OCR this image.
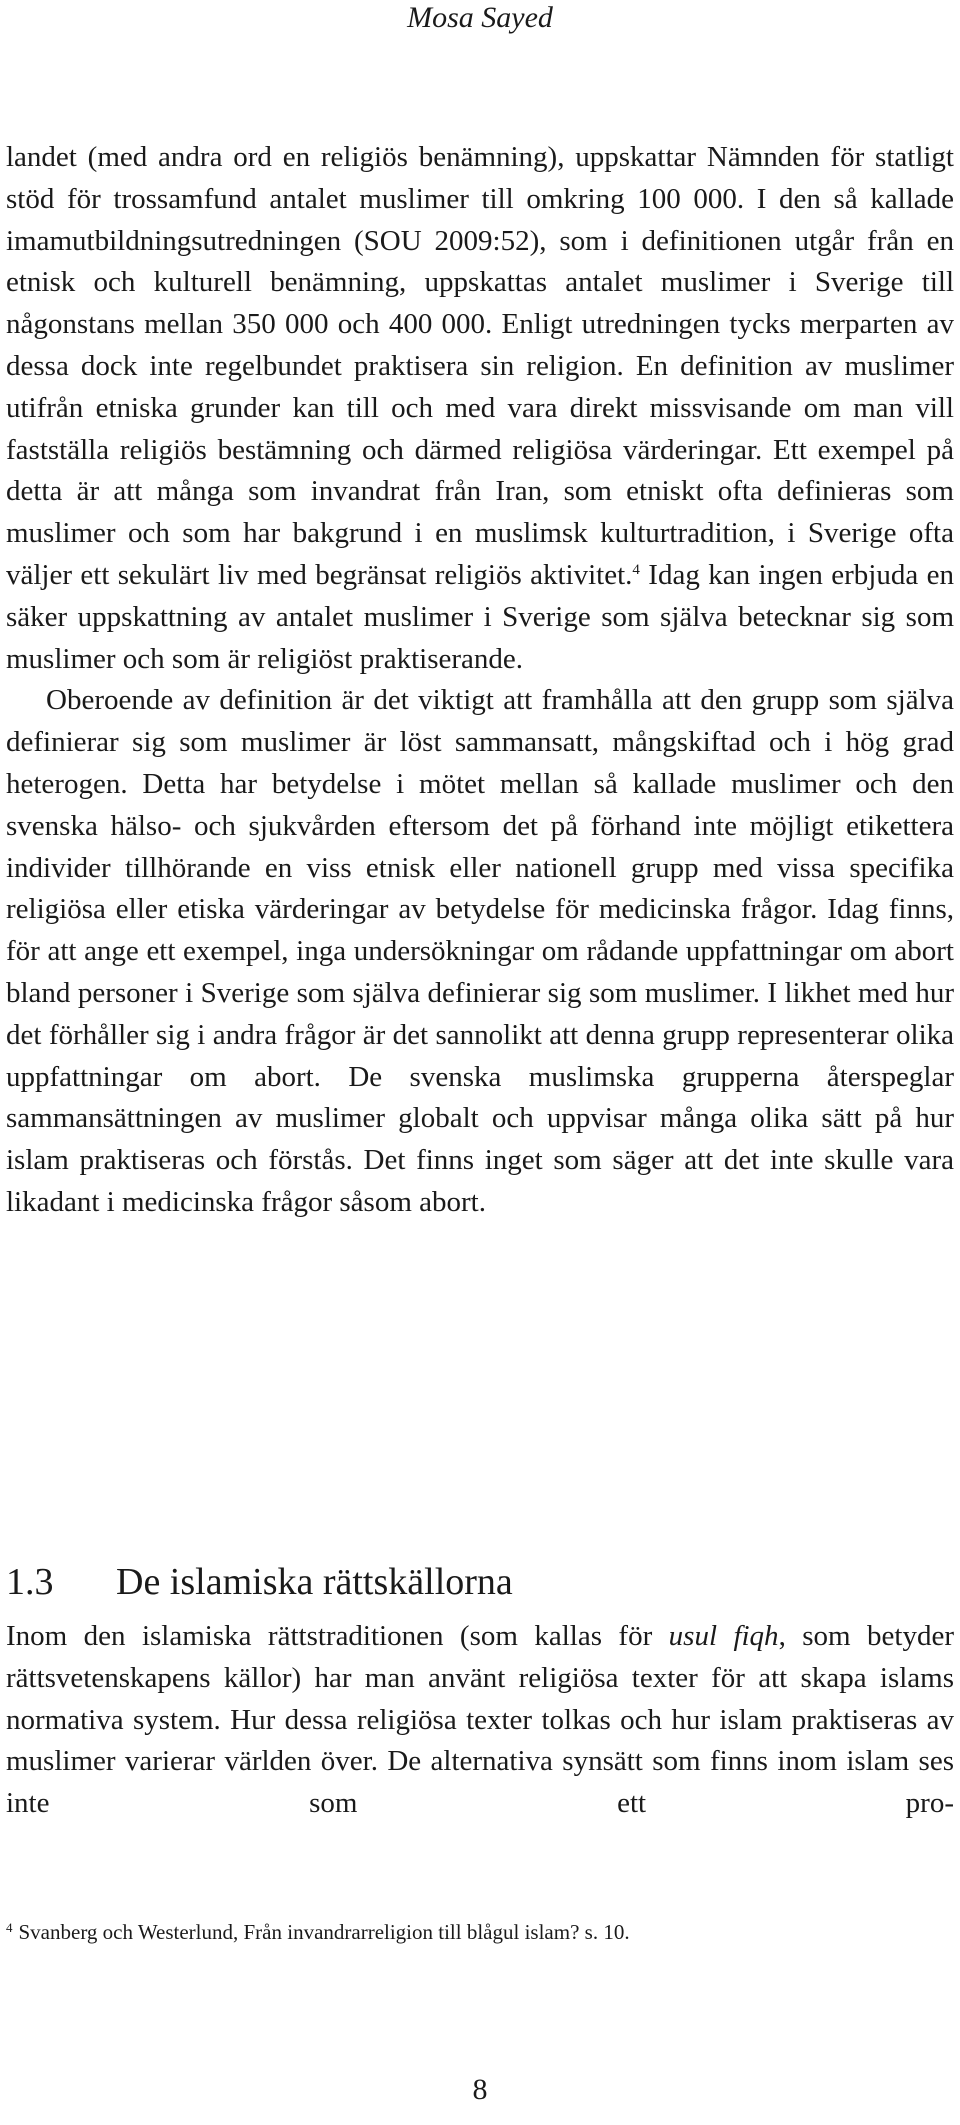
Mosa Sayed

landet (med andra ord en religiös benämning), uppskattar Nämnden för statligt stöd för trossamfund antalet muslimer till omkring 100 000. I den så kallade imamutbildningsutredningen (SOU 2009:52), som i definitionen utgår från en etnisk och kulturell benämning, uppskattas antalet muslimer i Sverige till någonstans mellan 350 000 och 400 000. Enligt utredningen tycks merparten av dessa dock inte regelbundet praktisera sin religion. En definition av muslimer utifrån etniska grunder kan till och med vara direkt missvisande om man vill fastställa religiös bestämning och därmed religiösa värderingar. Ett exempel på detta är att många som invandrat från Iran, som etniskt ofta definieras som muslimer och som har bakgrund i en muslimsk kulturtradition, i Sverige ofta väljer ett sekulärt liv med begränsat religiös aktivitet.$^4$ Idag kan ingen erbjuda en säker uppskattning av antalet muslimer i Sverige som själva betecknar sig som muslimer och som är religiöst praktiserande.

Oberoende av definition är det viktigt att framhålla att den grupp som själva definierar sig som muslimer är löst sammansatt, mångskiftad och i hög grad heterogen. Detta har betydelse i mötet mellan så kallade muslimer och den svenska hälso- och sjukvården eftersom det på förhand inte möjligt etikettera individer tillhörande en viss etnisk eller nationell grupp med vissa specifika religiösa eller etiska värderingar av betydelse för medicinska frågor. Idag finns, för att ange ett exempel, inga undersökningar om rådande uppfattningar om abort bland personer i Sverige som själva definierar sig som muslimer. I likhet med hur det förhåller sig i andra frågor är det sannolikt att denna grupp representerar olika uppfattningar om abort. De svenska muslimska grupperna återspeglar sammansättningen av muslimer globalt och uppvisar många olika sätt på hur islam praktiseras och förstås. Det finns inget som säger att det inte skulle vara likadant i medicinska frågor såsom abort.

1.3 De islamiska rättskällorna

Inom den islamiska rättstraditionen (som kallas för usul fiqh, som betyder rättsvetenskapens källor) har man använt religiösa texter för att skapa islams normativa system. Hur dessa religiösa texter tolkas och hur islam praktiseras av muslimer varierar världen över. De alternativa synsätt som finns inom islam ses inte som ett pro-

$^4$ Svanberg och Westerlund, Från invandrarreligion till blågul islam? s. 10.
8
